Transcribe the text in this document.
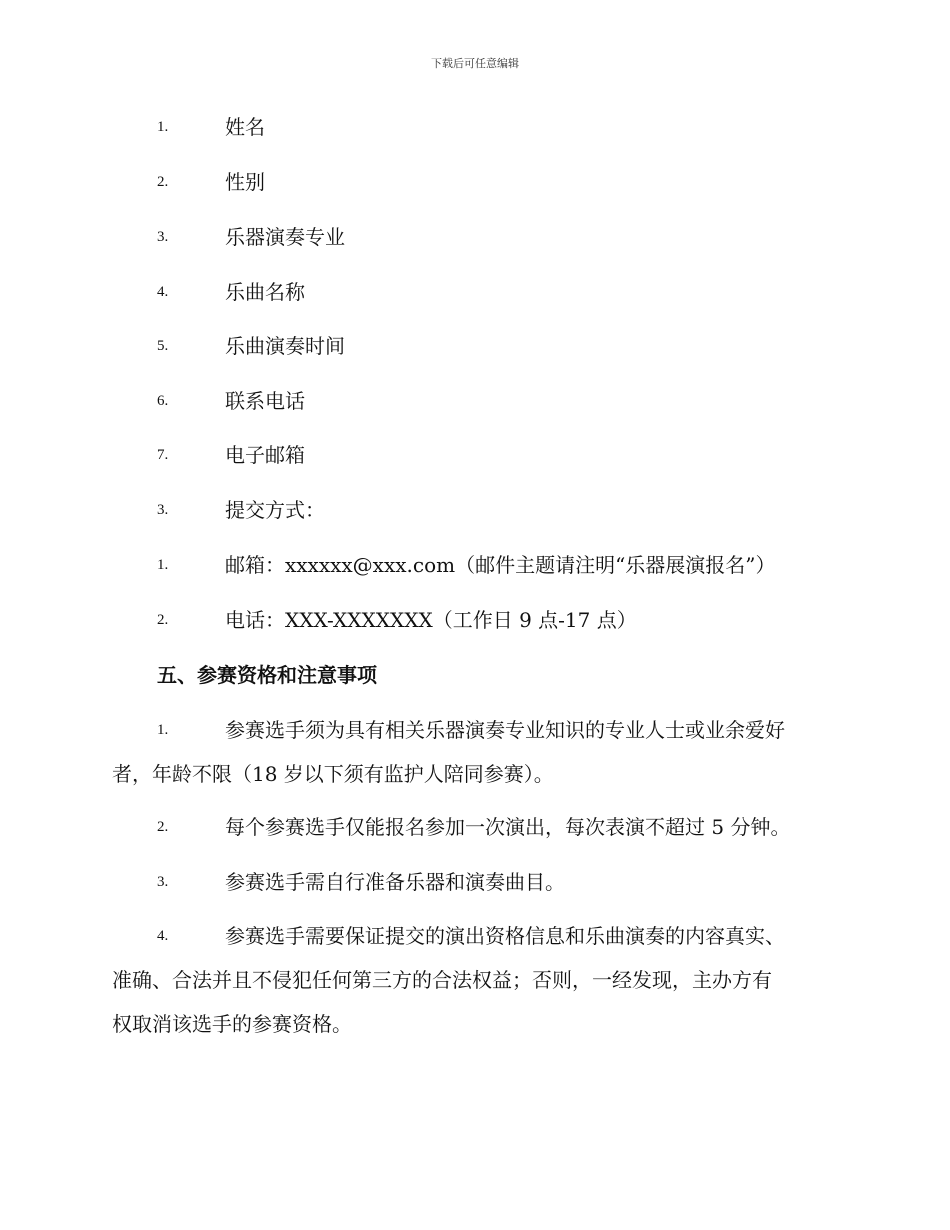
下载后可任意编辑
1.	姓名
2.	性别
3.	乐器演奏专业
4.	乐曲名称
5.	乐曲演奏时间
6.	联系电话
7.	电子邮箱
3.	提交方式：
1.	邮箱：xxxxxx@xxx.com（邮件主题请注明“乐器展演报名”）
2.	电话：XXX-XXXXXXX（工作日 9 点-17 点）
五、参赛资格和注意事项
1.	参赛选手须为具有相关乐器演奏专业知识的专业人士或业余爱好
者，年龄不限（18 岁以下须有监护人陪同参赛）。
2.	每个参赛选手仅能报名参加一次演出，每次表演不超过 5 分钟。
3.	参赛选手需自行准备乐器和演奏曲目。
4.	参赛选手需要保证提交的演出资格信息和乐曲演奏的内容真实、
准确、合法并且不侵犯任何第三方的合法权益；否则，一经发现，主办方有
权取消该选手的参赛资格。
